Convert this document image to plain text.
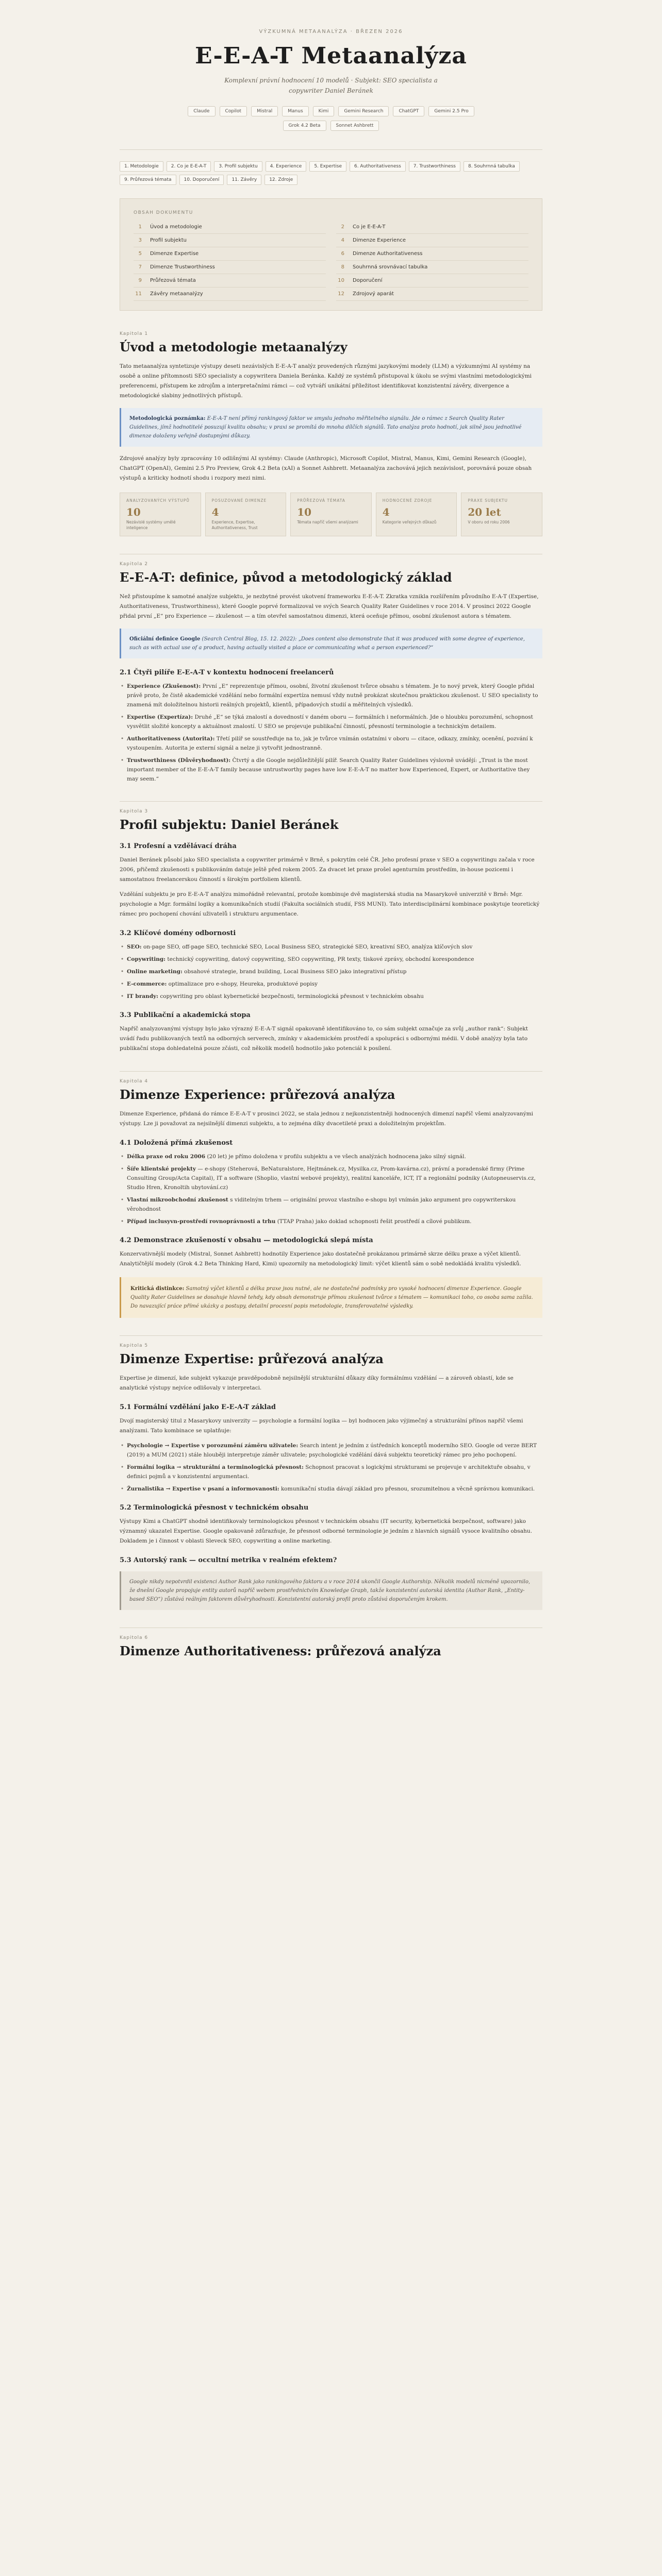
VÝZKUMNÁ METAANALÝZA · BŘEZEN 2026
E-E-A-T Metaanalýza
Komplexní právní hodnocení 10 modelů · Subjekt: SEO specialista a
copywriter Daniel Beránek
Claude	Copilot	Mistral	Manus	Kimi	Gemini Research	ChatGPT	Gemini 2.5 Pro
Grok 4.2 Beta	Sonnet Ashbrett
1. Metodologie	2. Co je E-E-A-T	3. Profil subjektu	4. Experience	5. Expertise	6. Authoritativeness	7. Trustworthiness	8. Souhrnná tabulka
9. Průřezová témata	10. Doporučení	11. Závěry	12. Zdroje
OBSAH DOKUMENTU
1 Úvod a metodologie	2 Co je E-E-A-T
3 Profil subjektu	4 Dimenze Experience
5 Dimenze Expertise	6 Dimenze Authoritativeness
7 Dimenze Trustworthiness	8 Souhrnná srovnávací tabulka
9 Průřezová témata	10 Doporučení
11 Závěry metaanalýzy	12 Zdrojový aparát
Kapitola 1
Úvod a metodologie metaanalýzy

Tato metaanalýza syntetizuje výstupy deseti nezávislých E-E-A-T analýz provedených různými jazykovými modely (LLM) a výzkumnými AI systémy na osobě a online přítomnosti SEO specialisty a copywritera Daniela Beránka. Každý ze systémů přistupoval k úkolu se svými vlastními metodologickými preferencemi, přístupem ke zdrojům a interpretačními rámci — což vytváří unikátní příležitost identifikovat konzistentní závěry, divergence a metodologické slabiny jednotlivých přístupů.

Metodologická poznámka: E-E-A-T není přímý rankingový faktor ve smyslu jednoho měřitelného signálu. Jde o rámec z Search Quality Rater Guidelines, jímž hodnotitelé posuzují kvalitu obsahu; v praxi se promítá do mnoha dílčích signálů. Tato analýza proto hodnotí, jak silně jsou jednotlivé dimenze doloženy veřejně dostupnými důkazy.

Zdrojové analýzy byly zpracovány 10 odlišnými AI systémy: Claude (Anthropic), Microsoft Copilot, Mistral, Manus, Kimi, Gemini Research (Google), ChatGPT (OpenAI), Gemini 2.5 Pro Preview, Grok 4.2 Beta (xAI) a Sonnet Ashbrett. Metaanalýza zachovává jejich nezávislost, porovnává pouze obsah výstupů a kriticky hodnotí shodu i rozpory mezi nimi.

ANALYZOVANÝCH VÝSTUPŮ
10
Nezávislé systémy umělé inteligence
POSUZOVANÉ DIMENZE
4
Experience, Expertise, Authoritativeness, Trust
PRŮŘEZOVÁ TÉMATA
10
Témata napříč všemi analýzami
HODNOCENÉ ZDROJE
4
Kategorie veřejných důkazů
PRAXE SUBJEKTU
20 let
V oboru od roku 2006
Kapitola 2
E-E-A-T: definice, původ a metodologický základ

Než přistoupíme k samotné analýze subjektu, je nezbytné provést ukotvení frameworku E-E-A-T. Zkratka vznikla rozšířením původního E-A-T (Expertise, Authoritativeness, Trustworthiness), které Google poprvé formalizoval ve svých Search Quality Rater Guidelines v roce 2014. V prosinci 2022 Google přidal první „E“ pro Experience — zkušenost — a tím otevřel samostatnou dimenzi, která oceňuje přímou, osobní zkušenost autora s tématem.

Oficiální definice Google (Search Central Blog, 15. 12. 2022): „Does content also demonstrate that it was produced with some degree of experience, such as with actual use of a product, having actually visited a place or communicating what a person experienced?“

2.1 Čtyři pilíře E-E-A-T v kontextu hodnocení freelancerů
• Experience (Zkušenost): První „E“ reprezentuje přímou, osobní, životní zkušenost tvůrce obsahu s tématem. Je to nový prvek, který Google přidal právě proto, že čistě akademické vzdělání nebo formální expertíza nemusí vždy nutně prokázat skutečnou praktickou zkušenost. U SEO specialisty to znamená mít doložitelnou historii reálných projektů, klientů, případových studií a měřitelných výsledků.
• Expertise (Expertíza): Druhé „E“ se týká znalostí a dovedností v daném oboru — formálních i neformálních. Jde o hloubku porozumění, schopnost vysvětlit složité koncepty a aktuálnost znalostí. U SEO se projevuje publikační činností, přesností terminologie a technickým detailem.
• Authoritativeness (Autorita): Třetí pilíř se soustřeďuje na to, jak je tvůrce vnímán ostatními v oboru — citace, odkazy, zmínky, ocenění, pozvání k vystoupením. Autorita je externí signál a nelze ji vytvořit jednostranně.
• Trustworthiness (Důvěryhodnost): Čtvrtý a dle Google nejdůležitější pilíř. Search Quality Rater Guidelines výslovně uvádějí: „Trust is the most important member of the E-E-A-T family because untrustworthy pages have low E-E-A-T no matter how Experienced, Expert, or Authoritative they may seem.“
Kapitola 3
Profil subjektu: Daniel Beránek
3.1 Profesní a vzdělávací dráha

Daniel Beránek působí jako SEO specialista a copywriter primárně v Brně, s pokrytím celé ČR. Jeho profesní praxe v SEO a copywritingu začala v roce 2006, přičemž zkušenosti s publikováním datuje ještě před rokem 2005. Za dvacet let praxe prošel agenturním prostředím, in-house pozicemi i samostatnou freelancerskou činností s širokým portfoliem klientů.

Vzdělání subjektu je pro E-E-A-T analýzu mimořádně relevantní, protože kombinuje dvě magisterská studia na Masarykově univerzitě v Brně: Mgr. psychologie a Mgr. formální logiky a komunikačních studií (Fakulta sociálních studií, FSS MUNI). Tato interdisciplinární kombinace poskytuje teoretický rámec pro pochopení chování uživatelů i strukturu argumentace.

3.2 Klíčové domény odbornosti
• SEO: on-page SEO, off-page SEO, technické SEO, Local Business SEO, strategické SEO, kreativní SEO, analýza klíčových slov
• Copywriting: technický copywriting, datový copywriting, SEO copywriting, PR texty, tiskové zprávy, obchodní korespondence
• Online marketing: obsahové strategie, brand building, Local Business SEO jako integrativní přístup
• E-commerce: optimalizace pro e-shopy, Heureka, produktové popisy
• IT brandy: copywriting pro oblast kybernetické bezpečnosti, terminologická přesnost v technickém obsahu
3.3 Publikační a akademická stopa

Napříč analyzovanými výstupy bylo jako výrazný E-E-A-T signál opakovaně identifikováno to, co sám subjekt označuje za svůj „author rank“: Subjekt uvádí řadu publikovaných textů na odborných serverech, zmínky v akademickém prostředí a spolupráci s odbornými médii. V době analýzy byla tato publikační stopa dohledatelná pouze zčásti, což několik modelů hodnotilo jako potenciál k posílení.

Kapitola 4
Dimenze Experience: průřezová analýza

Dimenze Experience, přidaná do rámce E-E-A-T v prosinci 2022, se stala jednou z nejkonzistentněji hodnocených dimenzí napříč všemi analyzovanými výstupy. Lze ji považovat za nejsilnější dimenzi subjektu, a to zejména díky dvacetileté praxi a doložitelným projektům.

4.1 Doložená přímá zkušenost
• Délka praxe od roku 2006 (20 let) je přímo doložena v profilu subjektu a ve všech analýzách hodnocena jako silný signál.
• Šíře klientské projekty — e-shopy (Steherová, BeNaturalstore, Hejtmánek.cz, Mysilka.cz, Prom-kavárna.cz), právní a poradenské firmy (Prime Consulting Group/Acta Capital), IT a software (Shoplio, vlastní webové projekty), realitní kanceláře, ICT, IT a regionální podniky (Autopneuservis.cz, Studio Hren, Kronoltih ubytování.cz)
• Vlastní mikroobchodní zkušenost s viditelným trhem — originální provoz vlastního e-shopu byl vnímán jako argument pro copywriterskou věrohodnost
• Případ inclusyvn-prostředí rovnoprávnosti a trhu (TTAP Praha) jako doklad schopnosti řešit prostředí a cílové publikum.
4.2 Demonstrace zkušeností v obsahu — metodologická slepá místa

Konzervativnější modely (Mistral, Sonnet Ashbrett) hodnotily Experience jako dostatečně prokázanou primárně skrze délku praxe a výčet klientů. Analytičtější modely (Grok 4.2 Beta Thinking Hard, Kimi) upozornily na metodologický limit: výčet klientů sám o sobě nedokládá kvalitu výsledků.

Kritická distinkce: Samotný výčet klientů a délka praxe jsou nutné, ale ne dostatečné podmínky pro vysoké hodnocení dimenze Experience. Google Quality Rater Guidelines se dosahuje hlavně tehdy, kdy obsah demonstruje přímou zkušenost tvůrce s tématem — komunikaci toho, co osoba sama zažila. Do navazující práce přímé ukázky a postupy, detailní procesní popis metodologie, transferovatelné výsledky.

Kapitola 5
Dimenze Expertise: průřezová analýza

Expertise je dimenzí, kde subjekt vykazuje pravděpodobně nejsilnější strukturální důkazy díky formálnímu vzdělání — a zároveň oblastí, kde se analytické výstupy nejvíce odlišovaly v interpretaci.

5.1 Formální vzdělání jako E-E-A-T základ

Dvojí magisterský titul z Masarykovy univerzity — psychologie a formální logika — byl hodnocen jako výjimečný a strukturální přínos napříč všemi analýzami. Tato kombinace se uplatňuje:

• Psychologie → Expertise v porozumění záměru uživatele: Search intent je jedním z ústředních konceptů moderního SEO. Google od verze BERT (2019) a MUM (2021) stále hlouběji interpretuje záměr uživatele; psychologické vzdělání dává subjektu teoretický rámec pro jeho pochopení.
• Formální logika → strukturální a terminologická přesnost: Schopnost pracovat s logickými strukturami se projevuje v architektuře obsahu, v definici pojmů a v konzistentní argumentaci.
• Žurnalistika → Expertise v psaní a informovanosti: komunikační studia dávají základ pro přesnou, srozumitelnou a věcně správnou komunikaci.
5.2 Terminologická přesnost v technickém obsahu

Výstupy Kimi a ChatGPT shodně identifikovaly terminologickou přesnost v technickém obsahu (IT security, kybernetická bezpečnost, software) jako významný ukazatel Expertise. Google opakovaně zdůrazňuje, že přesnost odborné terminologie je jedním z hlavních signálů vysoce kvalitního obsahu. Dokladem je i činnost v oblasti Sleveck SEO, copywriting a online marketing.

5.3 Autorský rank — occultní metrika v realném efektem?

Google nikdy nepotvrdil existenci Author Rank jako rankingového faktoru a v roce 2014 ukončil Google Authorship. Několik modelů nicméně upozornilo, že dnešní Google propojuje entity autorů napříč webem prostřednictvím Knowledge Graph, takže konzistentní autorská identita (Author Rank, „Entity-based SEO“) zůstává reálným faktorem důvěryhodnosti. Konzistentní autorský profil proto zůstává doporučeným krokem.

Kapitola 6
Dimenze Authoritativeness: průřezová analýza
